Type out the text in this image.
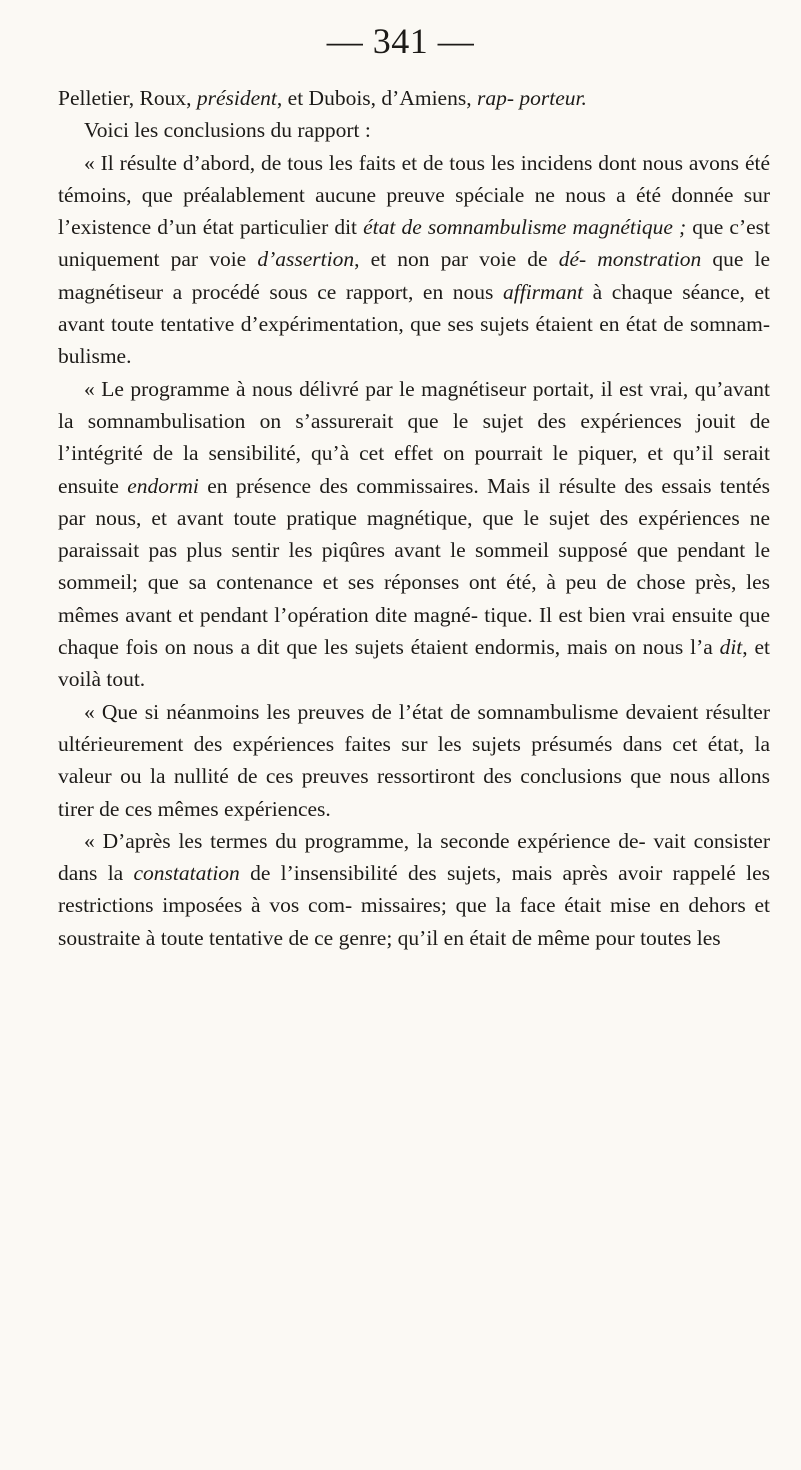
— 341 —

Pelletier, Roux, président, et Dubois, d’Amiens, rap- porteur.

Voici les conclusions du rapport :

« Il résulte d’abord, de tous les faits et de tous les incidens dont nous avons été témoins, que préalablement aucune preuve spéciale ne nous a été donnée sur l’existence d’un état particulier dit état de somnambulisme magnétique ; que c’est uniquement par voie d’assertion, et non par voie de dé- monstration que le magnétiseur a procédé sous ce rapport, en nous affirmant à chaque séance, et avant toute tentative d’expérimentation, que ses sujets étaient en état de somnam- bulisme.

« Le programme à nous délivré par le magnétiseur portait, il est vrai, qu’avant la somnambulisation on s’assurerait que le sujet des expériences jouit de l’intégrité de la sensibilité, qu’à cet effet on pourrait le piquer, et qu’il serait ensuite endormi en présence des commissaires. Mais il résulte des essais tentés par nous, et avant toute pratique magnétique, que le sujet des expériences ne paraissait pas plus sentir les piqûres avant le sommeil supposé que pendant le sommeil; que sa contenance et ses réponses ont été, à peu de chose près, les mêmes avant et pendant l’opération dite magné- tique. Il est bien vrai ensuite que chaque fois on nous a dit que les sujets étaient endormis, mais on nous l’a dit, et voilà tout.

« Que si néanmoins les preuves de l’état de somnambulisme devaient résulter ultérieurement des expériences faites sur les sujets présumés dans cet état, la valeur ou la nullité de ces preuves ressortiront des conclusions que nous allons tirer de ces mêmes expériences.

« D’après les termes du programme, la seconde expérience de- vait consister dans la constatation de l’insensibilité des sujets, mais après avoir rappelé les restrictions imposées à vos com- missaires; que la face était mise en dehors et soustraite à toute tentative de ce genre; qu’il en était de même pour toutes les
